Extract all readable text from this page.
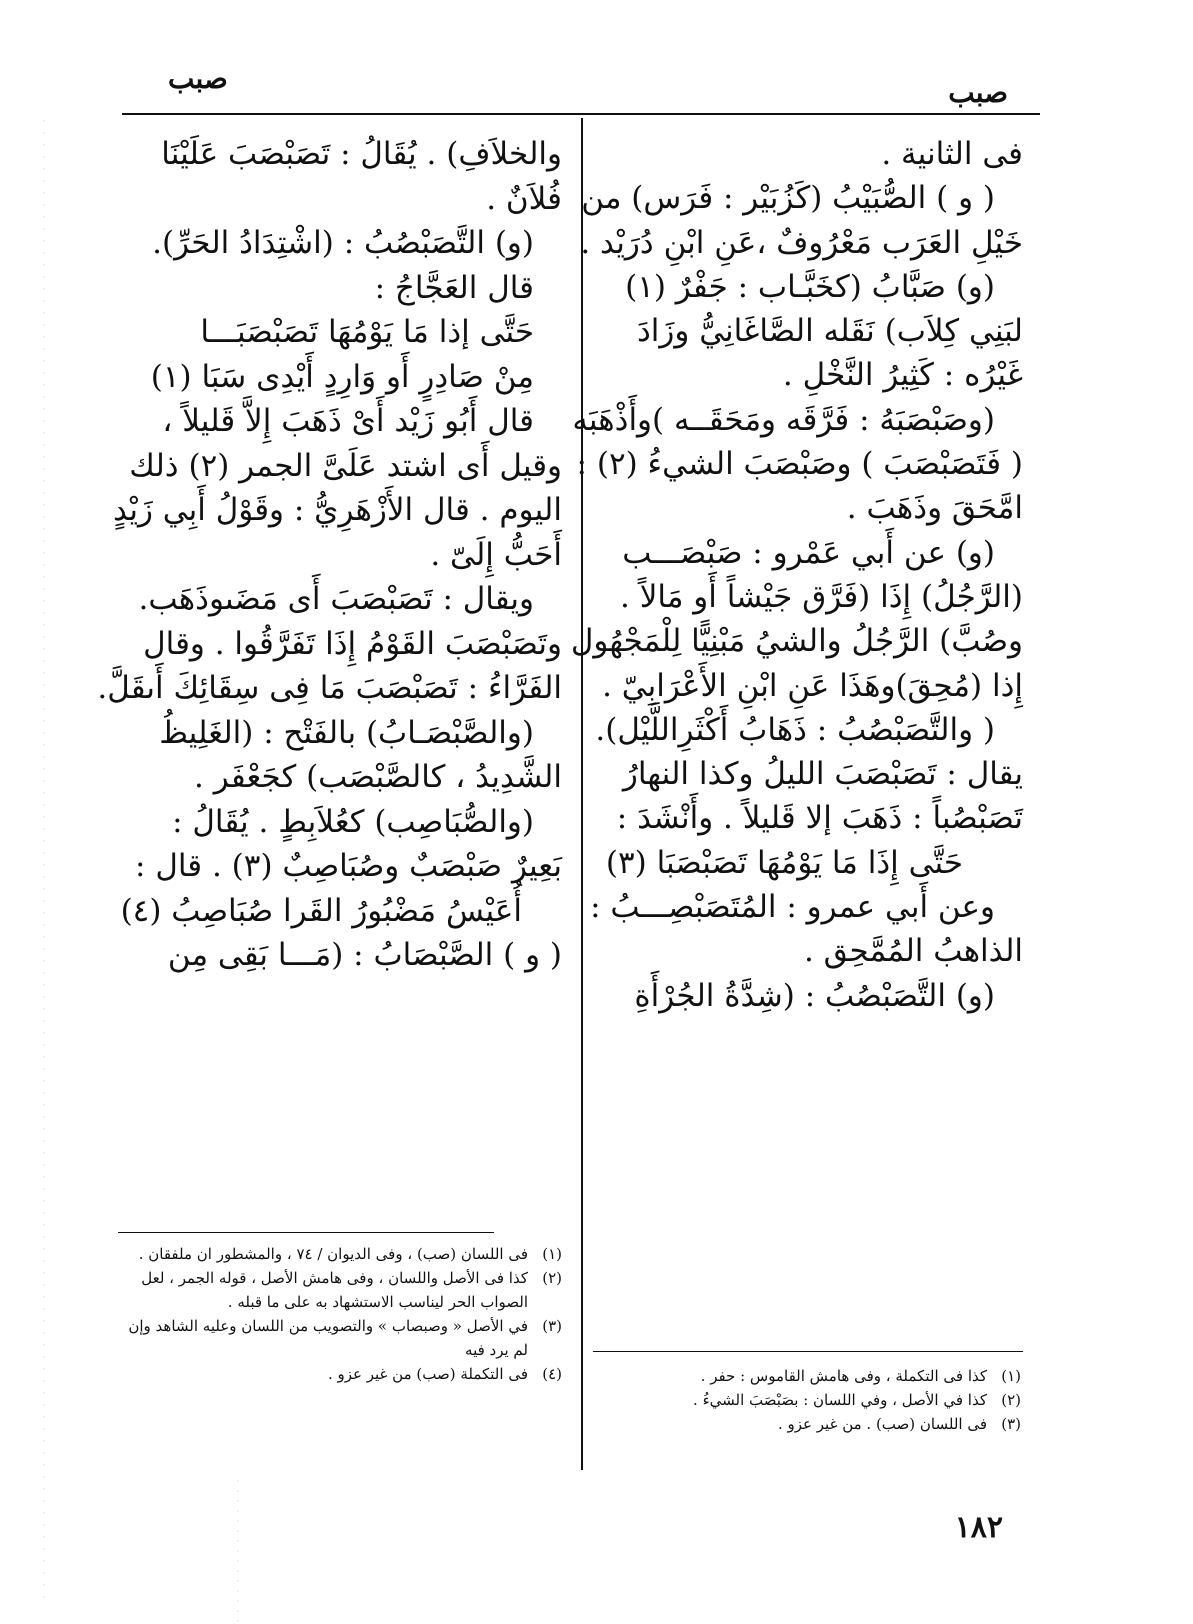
صبب
صبب
فى الثانية .
( و ) الصُّبَيْبُ (كَزُبَيْر : فَرَس) من
خَيْلِ العَرَب مَعْرُوفٌ ،عَنِ ابْنِ دُرَيْد .
(و) صَبَّابُ (كخَبَّـاب : جَفْرٌ (١)
لبَنِي كِلاَب) نَقَله الصَّاغَانِيُّ وزَادَ
غَيْرُه : كَثِيرُ النَّخْلِ .
(وصَبْصَبَهُ : فَرَّقَه ومَحَقَــه )وأَذْهَبَه
( فَتَصَبْصَبَ ) وصَبْصَبَ الشيءُ (٢) :
امَّحَقَ وذَهَبَ .
(و) عن أَبي عَمْرو : صَبْصَـــب
(الرَّجُلُ) إِذَا (فَرَّق جَيْشاً أَو مَالاً .
وصُبَّ) الرَّجُلُ والشيُ مَبْنِيًّا لِلْمَجْهُول
إِذا (مُحِقَ)وهَذَا عَنِ ابْنِ الأَعْرَابِيّ .
( والتَّصَبْصُبُ : ذَهَابُ أَكْثَرِاللَّيْل).
يقال : تَصَبْصَبَ الليلُ وكذا النهارُ
تَصَبْصُباً : ذَهَبَ إلا قَليلاً . وأَنْشَدَ :
حَتَّى إِذَا مَا يَوْمُهَا تَصَبْصَبَا (٣)
وعن أَبي عمرو : المُتَصَبْصِـــبُ :
الذاهبُ المُمَّحِق .
(و) التَّصَبْصُبُ : (شِدَّةُ الجُرْأَةِ
والخلاَفِ) . يُقَالُ : تَصَبْصَبَ عَلَيْنَا
فُلاَنٌ .
(و) التَّصَبْصُبُ : (اشْتِدَادُ الحَرِّ).
قال العَجَّاجُ :
حَتَّى إذا مَا يَوْمُهَا تَصَبْصَبَـــا
مِنْ صَادِرٍ أَو وَارِدٍ أَيْدِى سَبَا (١)
قال أَبُو زَيْد أَىْ ذَهَبَ إِلاَّ قَليلاً ،
وقيل أَى اشتد عَلَىَّ الجمر (٢) ذلك
اليوم . قال الأَزْهَرِيُّ : وقَوْلُ أَبِي زَيْدٍ
أَحَبُّ إِلَىّ .
ويقال : تَصَبْصَبَ أَى مَضَىوذَهَب.
وتَصَبْصَبَ القَوْمُ إِذَا تَفَرَّقُوا . وقال
الفَرَّاءُ : تَصَبْصَبَ مَا فِى سِقَائِكَ أَىقَلَّ.
(والصَّبْصَـابُ) بالفَتْح : (الغَلِيظُ
الشَّدِيدُ ، كالصَّبْصَب) كجَعْفَر .
(والصُّبَاصِب) كعُلاَبِطٍ . يُقَالُ :
بَعِيرٌ صَبْصَبٌ وصُبَاصِبٌ (٣) . قال :
أُعَيْسُ مَضْبُورُ القَرا صُبَاصِبُ (٤)
( و ) الصَّبْصَابُ : (مَـــا بَقِى مِن
(١)
كذا فى التكملة ، وفى هامش القاموس : حفر .
(٢)
كذا في الأصل ، وفي اللسان : بصَبْصَبَ الشيءُ .
(٣)
فى اللسان (صب) . من غير عزو .
(١)
فى اللسان (صب) ، وفى الديوان / ٧٤ ، والمشطور ان ملفقان .
(٢)
كذا فى الأصل واللسان ، وفى هامش الأصل ، قوله الجمر ، لعل الصواب الحر ليناسب الاستشهاد به على ما قبله .
(٣)
في الأصل « وصبصاب » والتصويب من اللسان وعليه الشاهد وإن لم يرد فيه
(٤)
فى التكملة (صب) من غير عزو .
١٨٢
